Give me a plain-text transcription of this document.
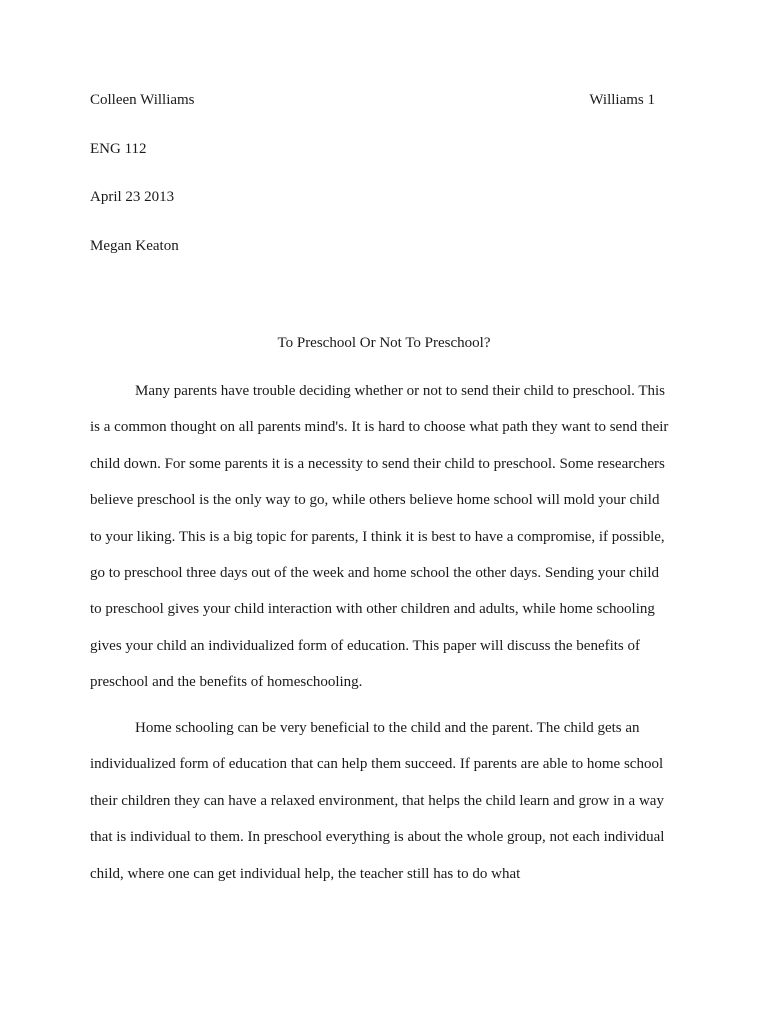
Colleen Williams	Williams 1
ENG 112
April 23 2013
Megan Keaton
To Preschool Or Not To Preschool?

Many parents have trouble deciding whether or not to send their child to preschool. This is a common thought on all parents mind's. It is hard to choose what path they want to send their child down. For some parents it is a necessity to send their child to preschool. Some researchers believe preschool is the only way to go, while others believe home school will mold your child to your liking. This is a big topic for parents, I think it is best to have a compromise, if possible, go to preschool three days out of the week and home school the other days. Sending your child to preschool gives your child interaction with other children and adults, while home schooling gives your child an individualized form of education. This paper will discuss the benefits of preschool and the benefits of homeschooling.

Home schooling can be very beneficial to the child and the parent. The child gets an individualized form of education that can help them succeed. If parents are able to home school their children they can have a relaxed environment, that helps the child learn and grow in a way that is individual to them. In preschool everything is about the whole group, not each individual child, where one can get individual help, the teacher still has to do what
